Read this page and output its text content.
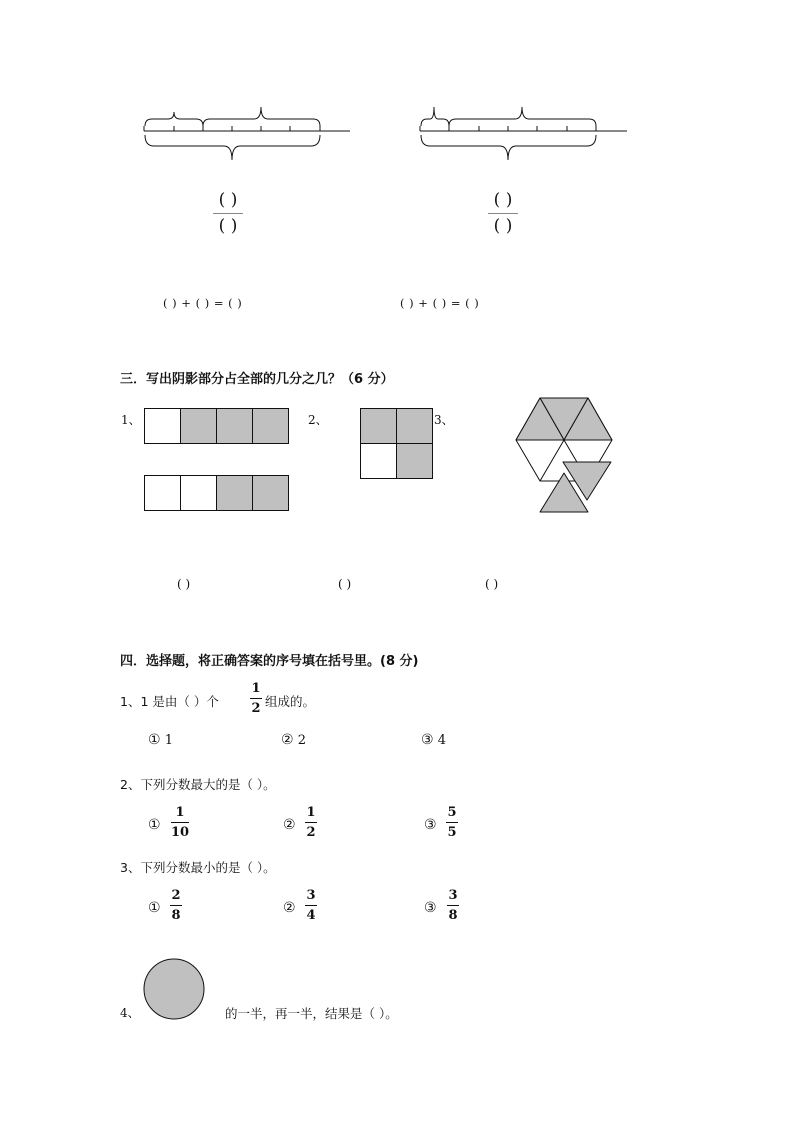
( )
( )
( )
( )
( ) + ( ) = ( )	( ) + ( ) = ( )
三．写出阴影部分占全部的几分之几？（6 分）
1、	2、	3、
( )	( )	( )
四．选择题，将正确答案的序号填在括号里。(8 分)
1、1 是由（ ）个
1
2 组成的。
① 1	② 2	③ 4
2、下列分数最大的是（ ）。
①
1
10	②
1
2	③
5
5
3、下列分数最小的是（ ）。
①
2
8	②
3
4	③
3
8
4、	的一半，再一半，结果是（ ）。
